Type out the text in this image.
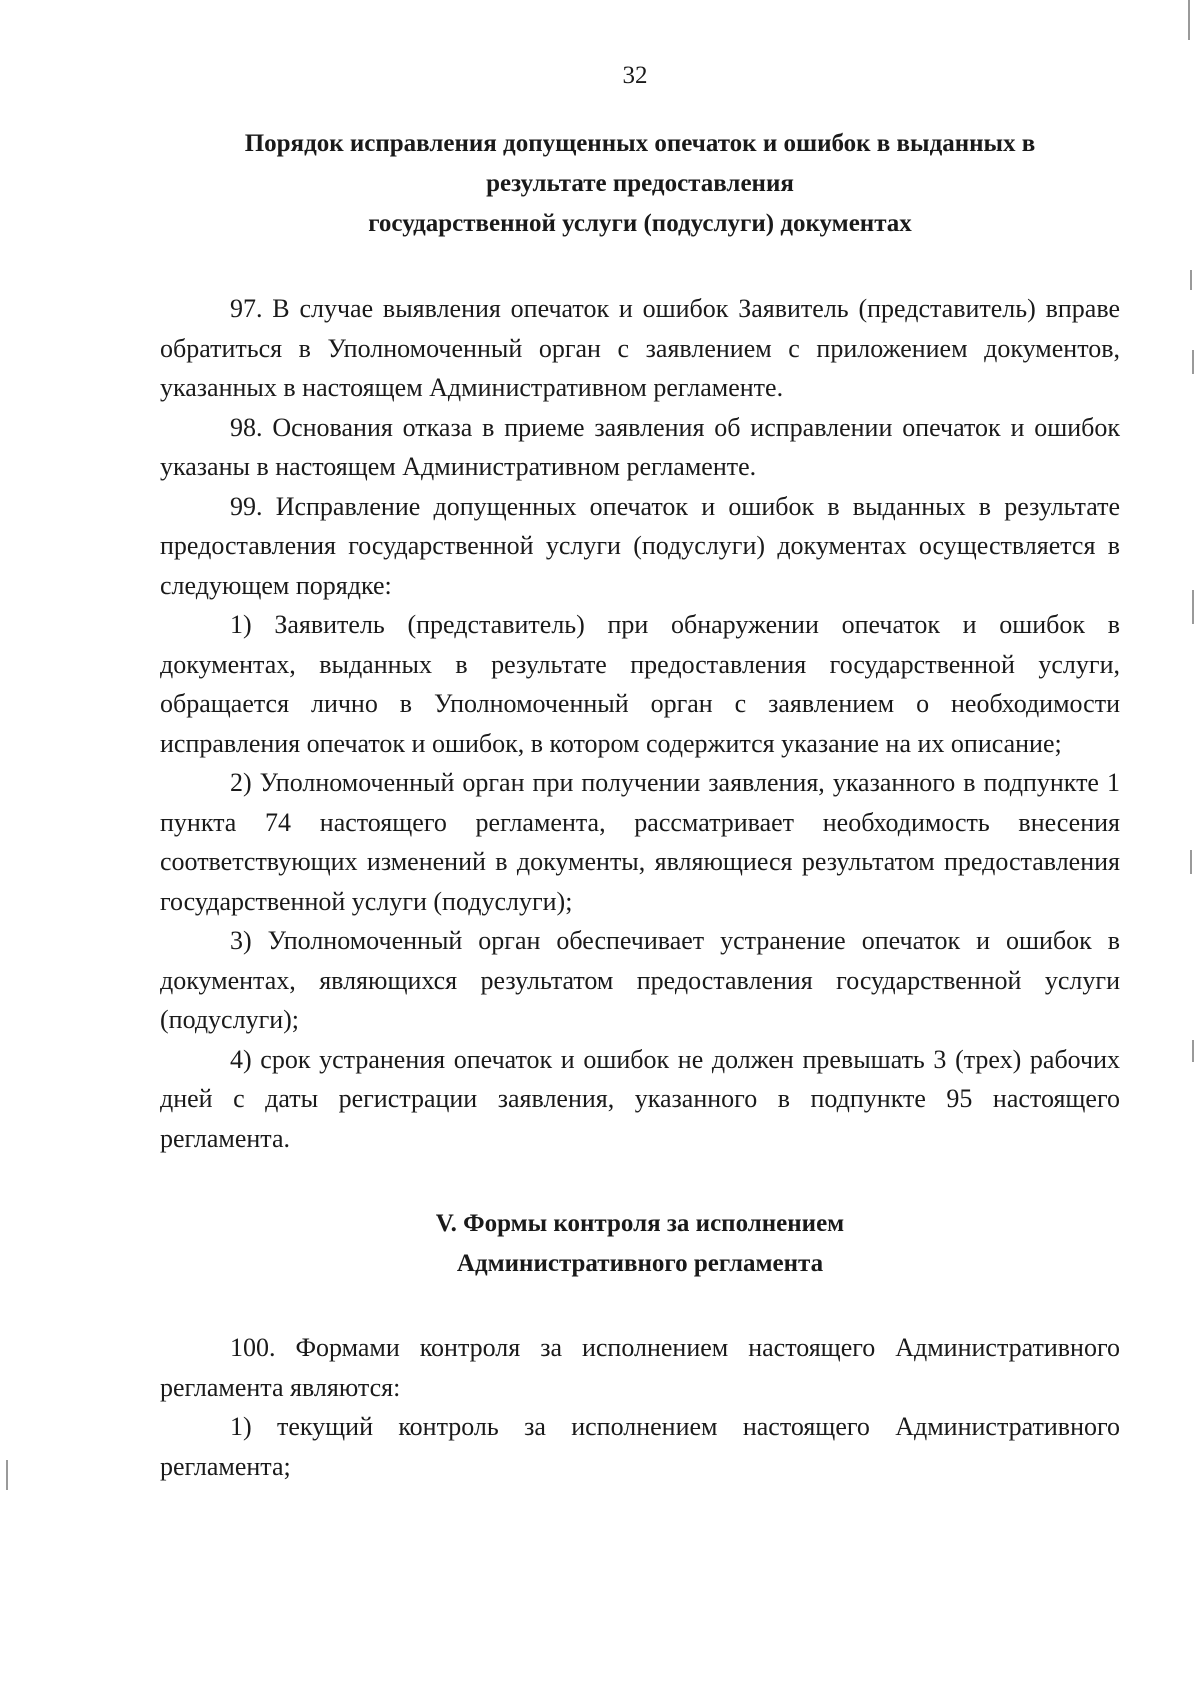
32

Порядок исправления допущенных опечаток и ошибок в выданных в
результате предоставления
государственной услуги (подуслуги) документах

97. В случае выявления опечаток и ошибок Заявитель (представитель) вправе обратиться в Уполномоченный орган с заявлением с приложением документов, указанных в настоящем Административном регламенте.

98. Основания отказа в приеме заявления об исправлении опечаток и ошибок указаны в настоящем Административном регламенте.

99. Исправление допущенных опечаток и ошибок в выданных в результате предоставления государственной услуги (подуслуги) документах осуществляется в следующем порядке:

1) Заявитель (представитель) при обнаружении опечаток и ошибок в документах, выданных в результате предоставления государственной услуги, обращается лично в Уполномоченный орган с заявлением о необходимости исправления опечаток и ошибок, в котором содержится указание на их описание;

2) Уполномоченный орган при получении заявления, указанного в подпункте 1 пункта 74 настоящего регламента, рассматривает необходимость внесения соответствующих изменений в документы, являющиеся результатом предоставления государственной услуги (подуслуги);

3) Уполномоченный орган обеспечивает устранение опечаток и ошибок в документах, являющихся результатом предоставления государственной услуги (подуслуги);

4) срок устранения опечаток и ошибок не должен превышать 3 (трех) рабочих дней с даты регистрации заявления, указанного в подпункте 95 настоящего регламента.

V. Формы контроля за исполнением
Административного регламента

100. Формами контроля за исполнением настоящего Административного регламента являются:

1) текущий контроль за исполнением настоящего Административного регламента;
